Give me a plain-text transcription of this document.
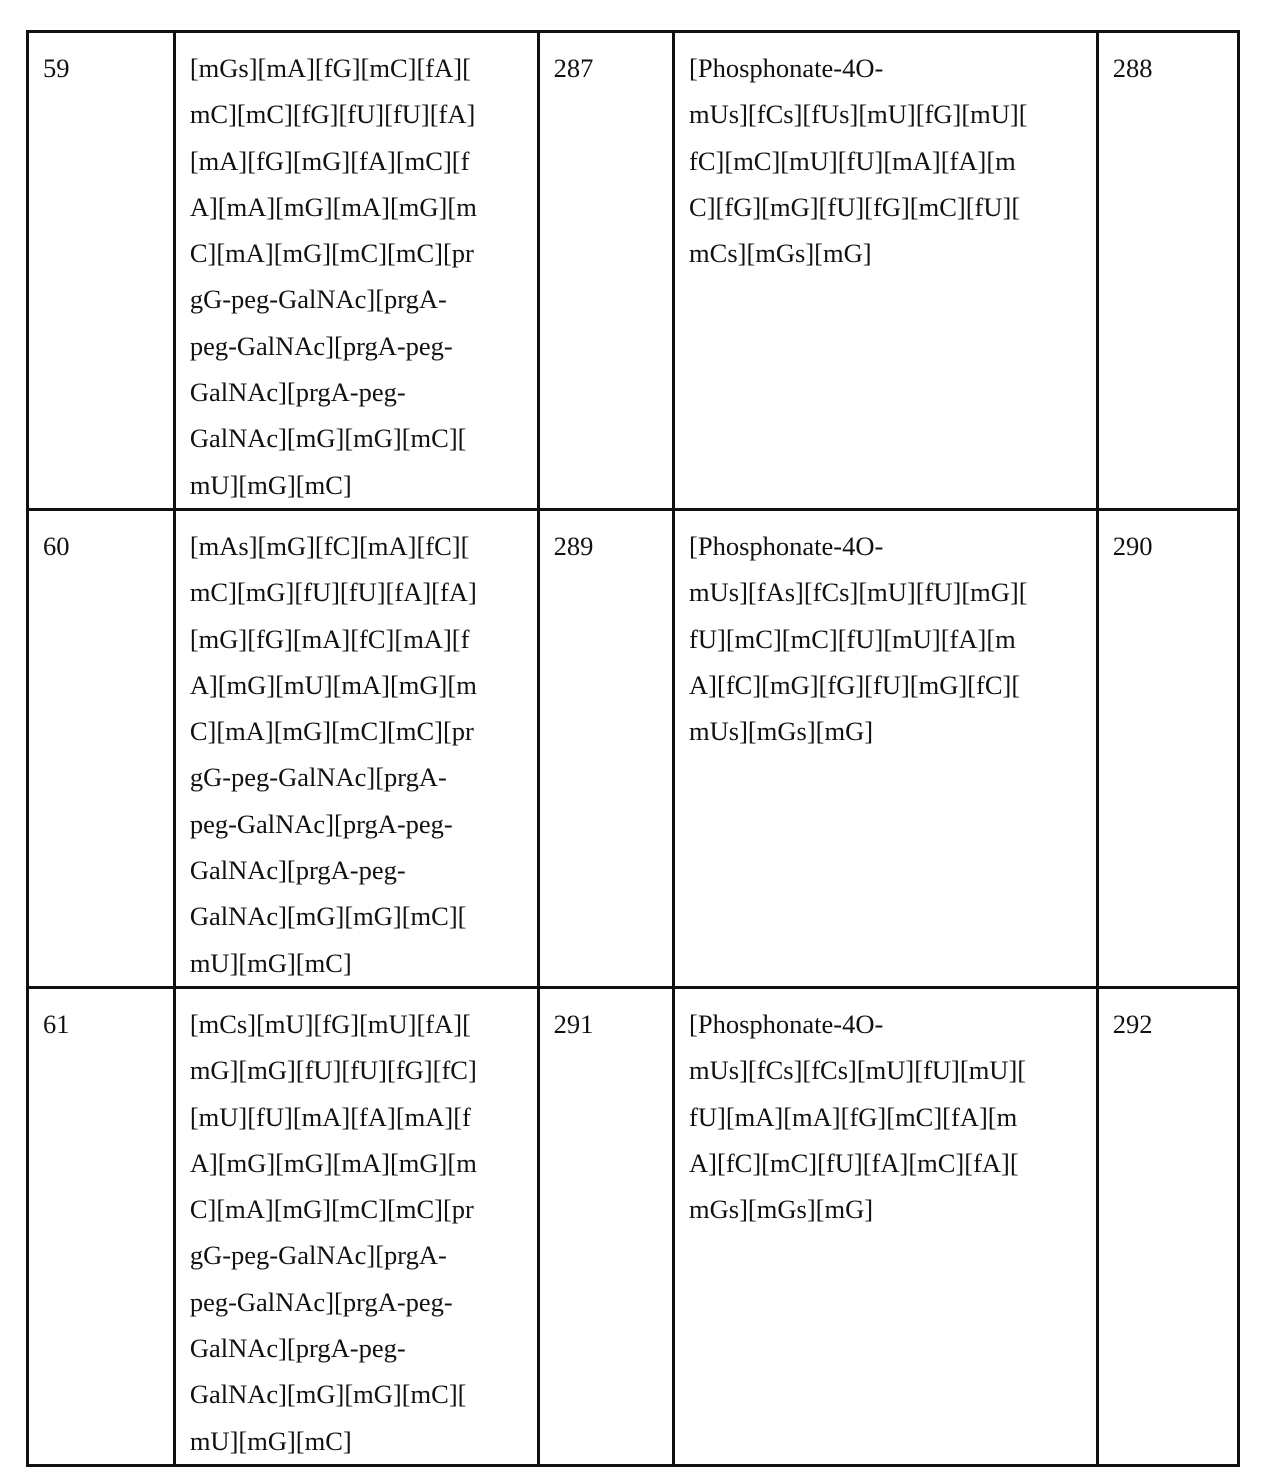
59	[mGs][mA][fG][mC][fA][
mC][mC][fG][fU][fU][fA]
[mA][fG][mG][fA][mC][f
A][mA][mG][mA][mG][m
C][mA][mG][mC][mC][pr
gG-peg-GalNAc][prgA-
peg-GalNAc][prgA-peg-
GalNAc][prgA-peg-
GalNAc][mG][mG][mC][
mU][mG][mC]

287	[Phosphonate-4O-
mUs][fCs][fUs][mU][fG][mU][
fC][mC][mU][fU][mA][fA][m
C][fG][mG][fU][fG][mC][fU][
mCs][mGs][mG]

288

60	[mAs][mG][fC][mA][fC][
mC][mG][fU][fU][fA][fA]
[mG][fG][mA][fC][mA][f
A][mG][mU][mA][mG][m
C][mA][mG][mC][mC][pr
gG-peg-GalNAc][prgA-
peg-GalNAc][prgA-peg-
GalNAc][prgA-peg-
GalNAc][mG][mG][mC][
mU][mG][mC]

289	[Phosphonate-4O-
mUs][fAs][fCs][mU][fU][mG][
fU][mC][mC][fU][mU][fA][m
A][fC][mG][fG][fU][mG][fC][
mUs][mGs][mG]

290

61	[mCs][mU][fG][mU][fA][
mG][mG][fU][fU][fG][fC]
[mU][fU][mA][fA][mA][f
A][mG][mG][mA][mG][m
C][mA][mG][mC][mC][pr
gG-peg-GalNAc][prgA-
peg-GalNAc][prgA-peg-
GalNAc][prgA-peg-
GalNAc][mG][mG][mC][
mU][mG][mC]

291	[Phosphonate-4O-
mUs][fCs][fCs][mU][fU][mU][
fU][mA][mA][fG][mC][fA][m
A][fC][mC][fU][fA][mC][fA][
mGs][mGs][mG]

292
